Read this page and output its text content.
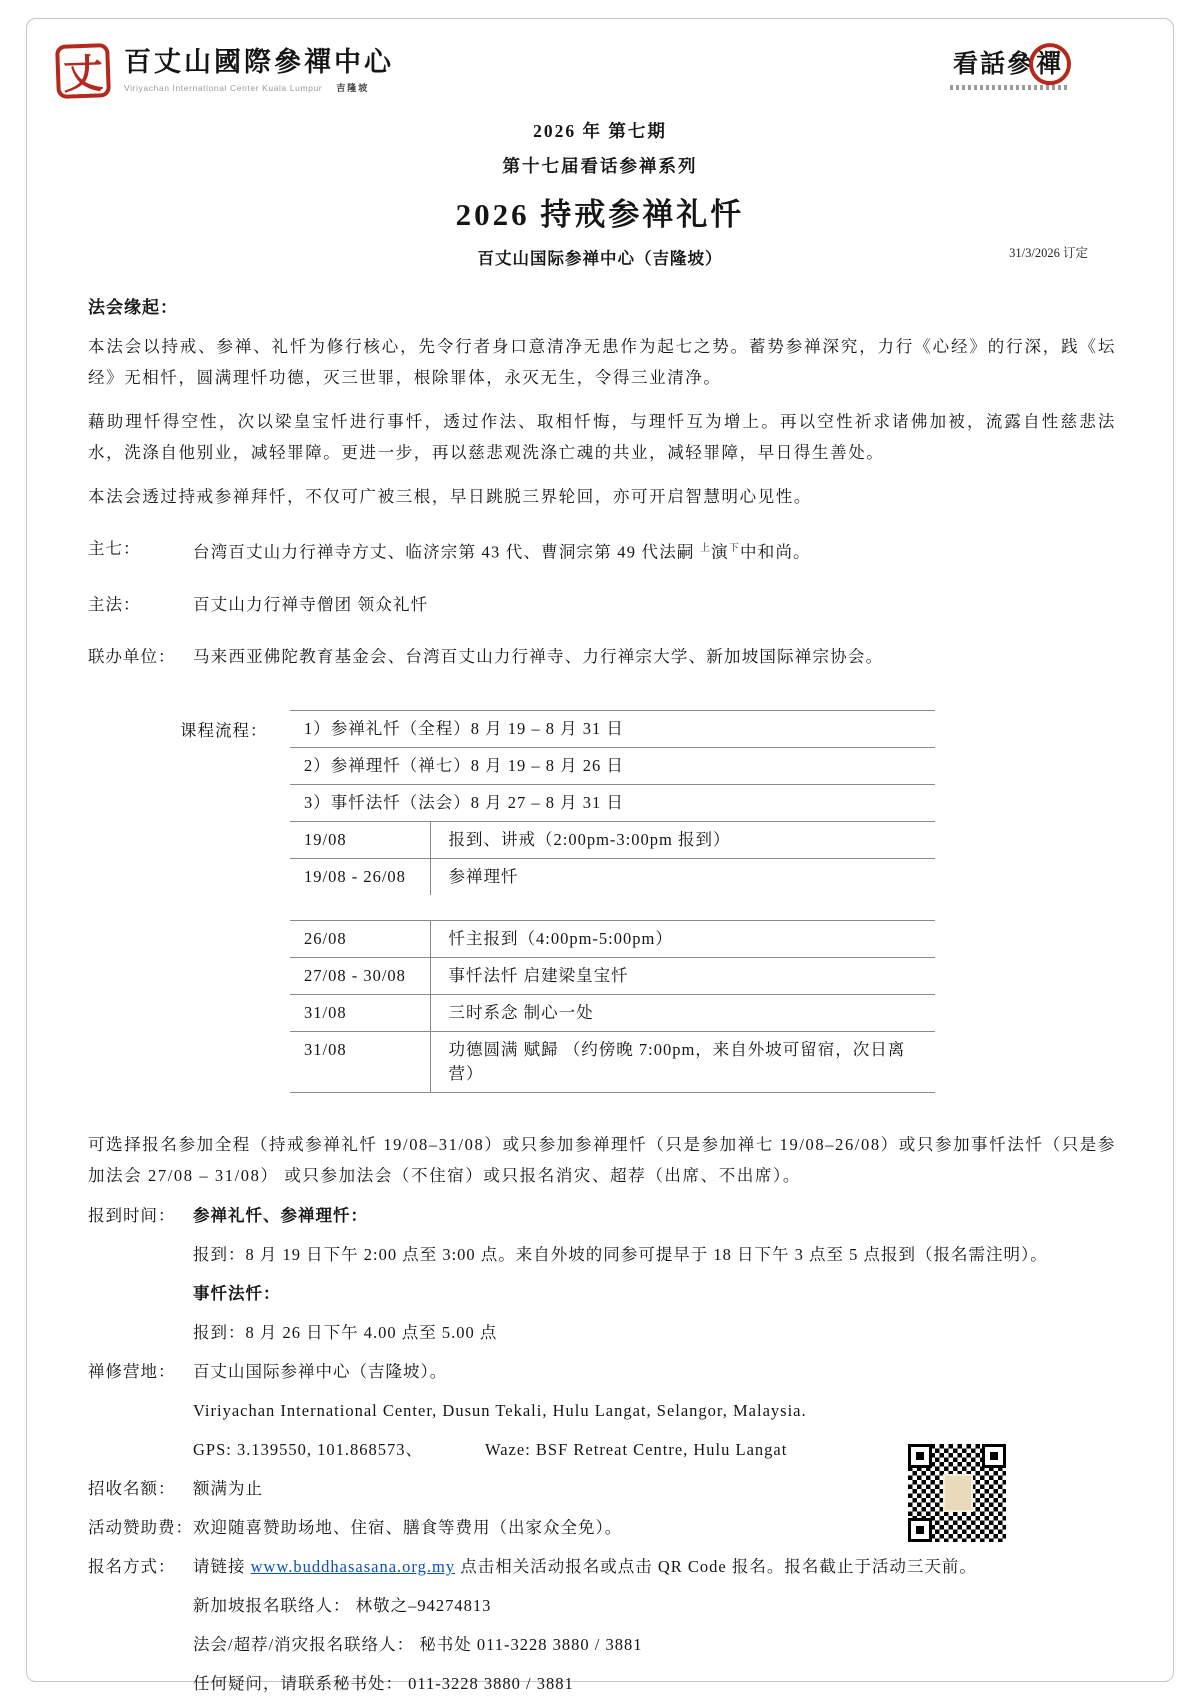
丈 百丈山國際參禪中心
Viriyachan International Center Kuala Lumpur 吉隆坡
看話參禪
2026 年 第七期
第十七届看话参禅系列
2026 持戒参禅礼忏
百丈山国际参禅中心（吉隆坡）	31/3/2026 订定
法会缘起：

本法会以持戒、参禅、礼忏为修行核心，先令行者身口意清净无患作为起七之势。蓄势参禅深究，力行《心经》的行深，践《坛经》无相忏，圆满理忏功德，灭三世罪，根除罪体，永灭无生，令得三业清净。

藉助理忏得空性，次以梁皇宝忏进行事忏，透过作法、取相忏悔，与理忏互为增上。再以空性祈求诸佛加被，流露自性慈悲法水，洗涤自他别业，减轻罪障。更进一步，再以慈悲观洗涤亡魂的共业，减轻罪障，早日得生善处。

本法会透过持戒参禅拜忏，不仅可广被三根，早日跳脱三界轮回，亦可开启智慧明心见性。

主七：	台湾百丈山力行禅寺方丈、临济宗第 43 代、曹洞宗第 49 代法嗣 $^上$演$^下$中和尚。
主法：	百丈山力行禅寺僧团 领众礼忏
联办单位：	马来西亚佛陀教育基金会、台湾百丈山力行禅寺、力行禅宗大学、新加坡国际禅宗协会。
课程流程：	1）参禅礼忏（全程）8 月 19 – 8 月 31 日	
2）参禅理忏（禅七）8 月 19 – 8 月 26 日	
3）事忏法忏（法会）8 月 27 – 8 月 31 日	
19/08	报到、讲戒（2:00pm-3:00pm 报到）
19/08 - 26/08	参禅理忏

26/08	忏主报到（4:00pm-5:00pm）
27/08 - 30/08	事忏法忏 启建梁皇宝忏
31/08	三时系念 制心一处
31/08	功德圆满 赋歸 （约傍晚 7:00pm，来自外坡可留宿，次日离营）

可选择报名参加全程（持戒参禅礼忏 19/08–31/08）或只参加参禅理忏（只是参加禅七 19/08–26/08）或只参加事忏法忏（只是参加法会 27/08 – 31/08） 或只参加法会（不住宿）或只报名消灾、超荐（出席、不出席）。

报到时间：	参禅礼忏、参禅理忏：
报到：8 月 19 日下午 2:00 点至 3:00 点。来自外坡的同参可提早于 18 日下午 3 点至 5 点报到（报名需注明）。
事忏法忏：
报到：8 月 26 日下午 4.00 点至 5.00 点
禅修营地：	百丈山国际参禅中心（吉隆坡）。
Viriyachan International Center, Dusun Tekali, Hulu Langat, Selangor, Malaysia.
GPS: 3.139550, 101.868573、	Waze: BSF Retreat Centre, Hulu Langat
招收名额：	额满为止
活动赞助费： 欢迎随喜赞助场地、住宿、膳食等费用（出家众全免）。
报名方式：	请链接 www.buddhasasana.org.my 点击相关活动报名或点击 QR Code 报名。报名截止于活动三天前。
新加坡报名联络人： 林敬之–94274813
法会/超荐/消灾报名联络人： 秘书处 011-3228 3880 / 3881
任何疑问，请联系秘书处： 011-3228 3880 / 3881
